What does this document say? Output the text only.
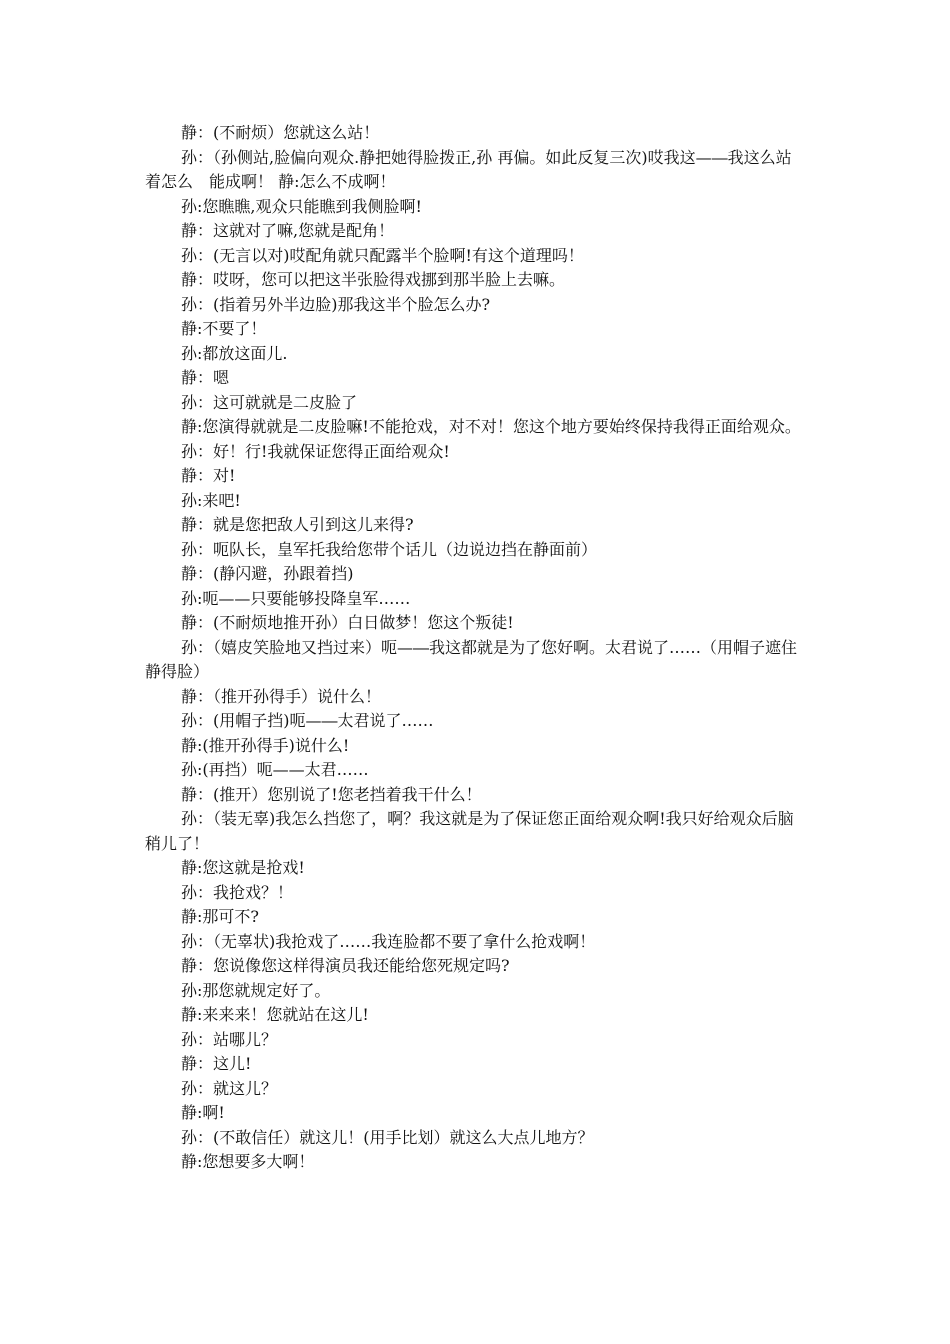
静：(不耐烦）您就这么站！

孙：（孙侧站,脸偏向观众.静把她得脸拨正,孙 再偏。如此反复三次)哎我这—―我这么站着怎么　能成啊！ 静:怎么不成啊！

孙:您瞧瞧,观众只能瞧到我侧脸啊!

静：这就对了嘛,您就是配角！

孙：(无言以对)哎配角就只配露半个脸啊!有这个道理吗！

静：哎呀，您可以把这半张脸得戏挪到那半脸上去嘛。

孙：(指着另外半边脸)那我这半个脸怎么办?

静:不要了！

孙:都放这面儿.

静：嗯

孙：这可就就是二皮脸了

静:您演得就就是二皮脸嘛!不能抢戏，对不对！您这个地方要始终保持我得正面给观众。

孙：好！行!我就保证您得正面给观众!

静：对!

孙:来吧!

静：就是您把敌人引到这儿来得?

孙：呃队长，皇军托我给您带个话儿（边说边挡在静面前）

静：(静闪避，孙跟着挡)

孙:呃——只要能够投降皇军……

静：(不耐烦地推开孙）白日做梦！您这个叛徒!

孙：（嬉皮笑脸地又挡过来）呃—―我这都就是为了您好啊。太君说了……（用帽子遮住静得脸）

静：（推开孙得手）说什么！

孙：(用帽子挡)呃—―太君说了……

静:(推开孙得手)说什么!

孙:(再挡）呃——太君……

静：(推开）您别说了!您老挡着我干什么！

孙：（装无辜)我怎么挡您了，啊？我这就是为了保证您正面给观众啊!我只好给观众后脑稍儿了！

静:您这就是抢戏!

孙：我抢戏？！

静:那可不?

孙：（无辜状)我抢戏了……我连脸都不要了拿什么抢戏啊！

静：您说像您这样得演员我还能给您死规定吗?

孙:那您就规定好了。

静:来来来！您就站在这儿!

孙：站哪儿？

静：这儿!

孙：就这儿？

静:啊!

孙：(不敢信任）就这儿！(用手比划）就这么大点儿地方？

静:您想要多大啊！
